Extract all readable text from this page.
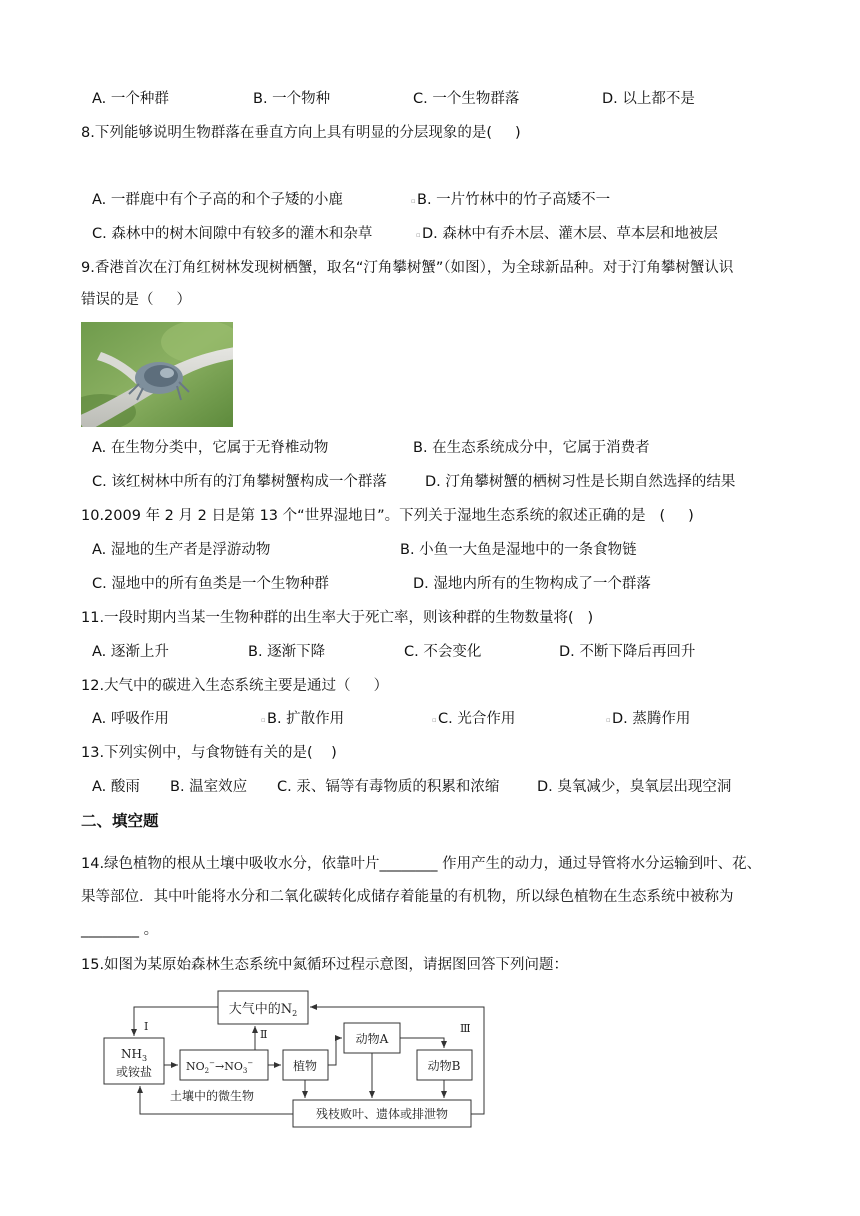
A. 一个种群	B. 一个物种	C. 一个生物群落	D. 以上都不是
8.下列能够说明生物群落在垂直方向上具有明显的分层现象的是(     )
A. 一群鹿中有个子高的和个子矮的小鹿	▫ B. 一片竹林中的竹子高矮不一
C. 森林中的树木间隙中有较多的灌木和杂草	▫ D. 森林中有乔木层、灌木层、草本层和地被层
9.香港首次在汀角红树林发现树栖蟹，取名“汀角攀树蟹”（如图），为全球新品种。对于汀角攀树蟹认识
错误的是（     ）
A. 在生物分类中，它属于无脊椎动物	B. 在生态系统成分中，它属于消费者
C. 该红树林中所有的汀角攀树蟹构成一个群落	D. 汀角攀树蟹的栖树习性是长期自然选择的结果
10.2009 年 2 月 2 日是第 13 个“世界湿地日”。下列关于湿地生态系统的叙述正确的是   (     )
A. 湿地的生产者是浮游动物	B. 小鱼一大鱼是湿地中的一条食物链
C. 湿地中的所有鱼类是一个生物种群	D. 湿地内所有的生物构成了一个群落
11.一段时期内当某一生物种群的出生率大于死亡率，则该种群的生物数量将(   )
A. 逐渐上升	B. 逐渐下降	C. 不会变化	D. 不断下降后再回升
12.大气中的碳进入生态系统主要是通过（     ）
A. 呼吸作用	▫ B. 扩散作用	▫ C. 光合作用	▫ D. 蒸腾作用
13.下列实例中，与食物链有关的是(    )
A. 酸雨 B. 温室效应 C. 汞、镉等有毒物质的积累和浓缩	D. 臭氧减少，臭氧层出现空洞
二、填空题
14.绿色植物的根从土壤中吸收水分，依靠叶片________ 作用产生的动力，通过导管将水分运输到叶、花、
果等部位．其中叶能将水分和二氧化碳转化成储存着能量的有机物，所以绿色植物在生态系统中被称为
________ 。
15.如图为某原始森林生态系统中氮循环过程示意图，请据图回答下列问题：
大气中的$N_2$
$NH_3$
或铵盐	$NO_2^-\to NO_3^-$	植物
动物A
动物B
土壤中的微生物
残枝败叶、遗体或排泄物
Ⅰ
Ⅱ	Ⅲ
